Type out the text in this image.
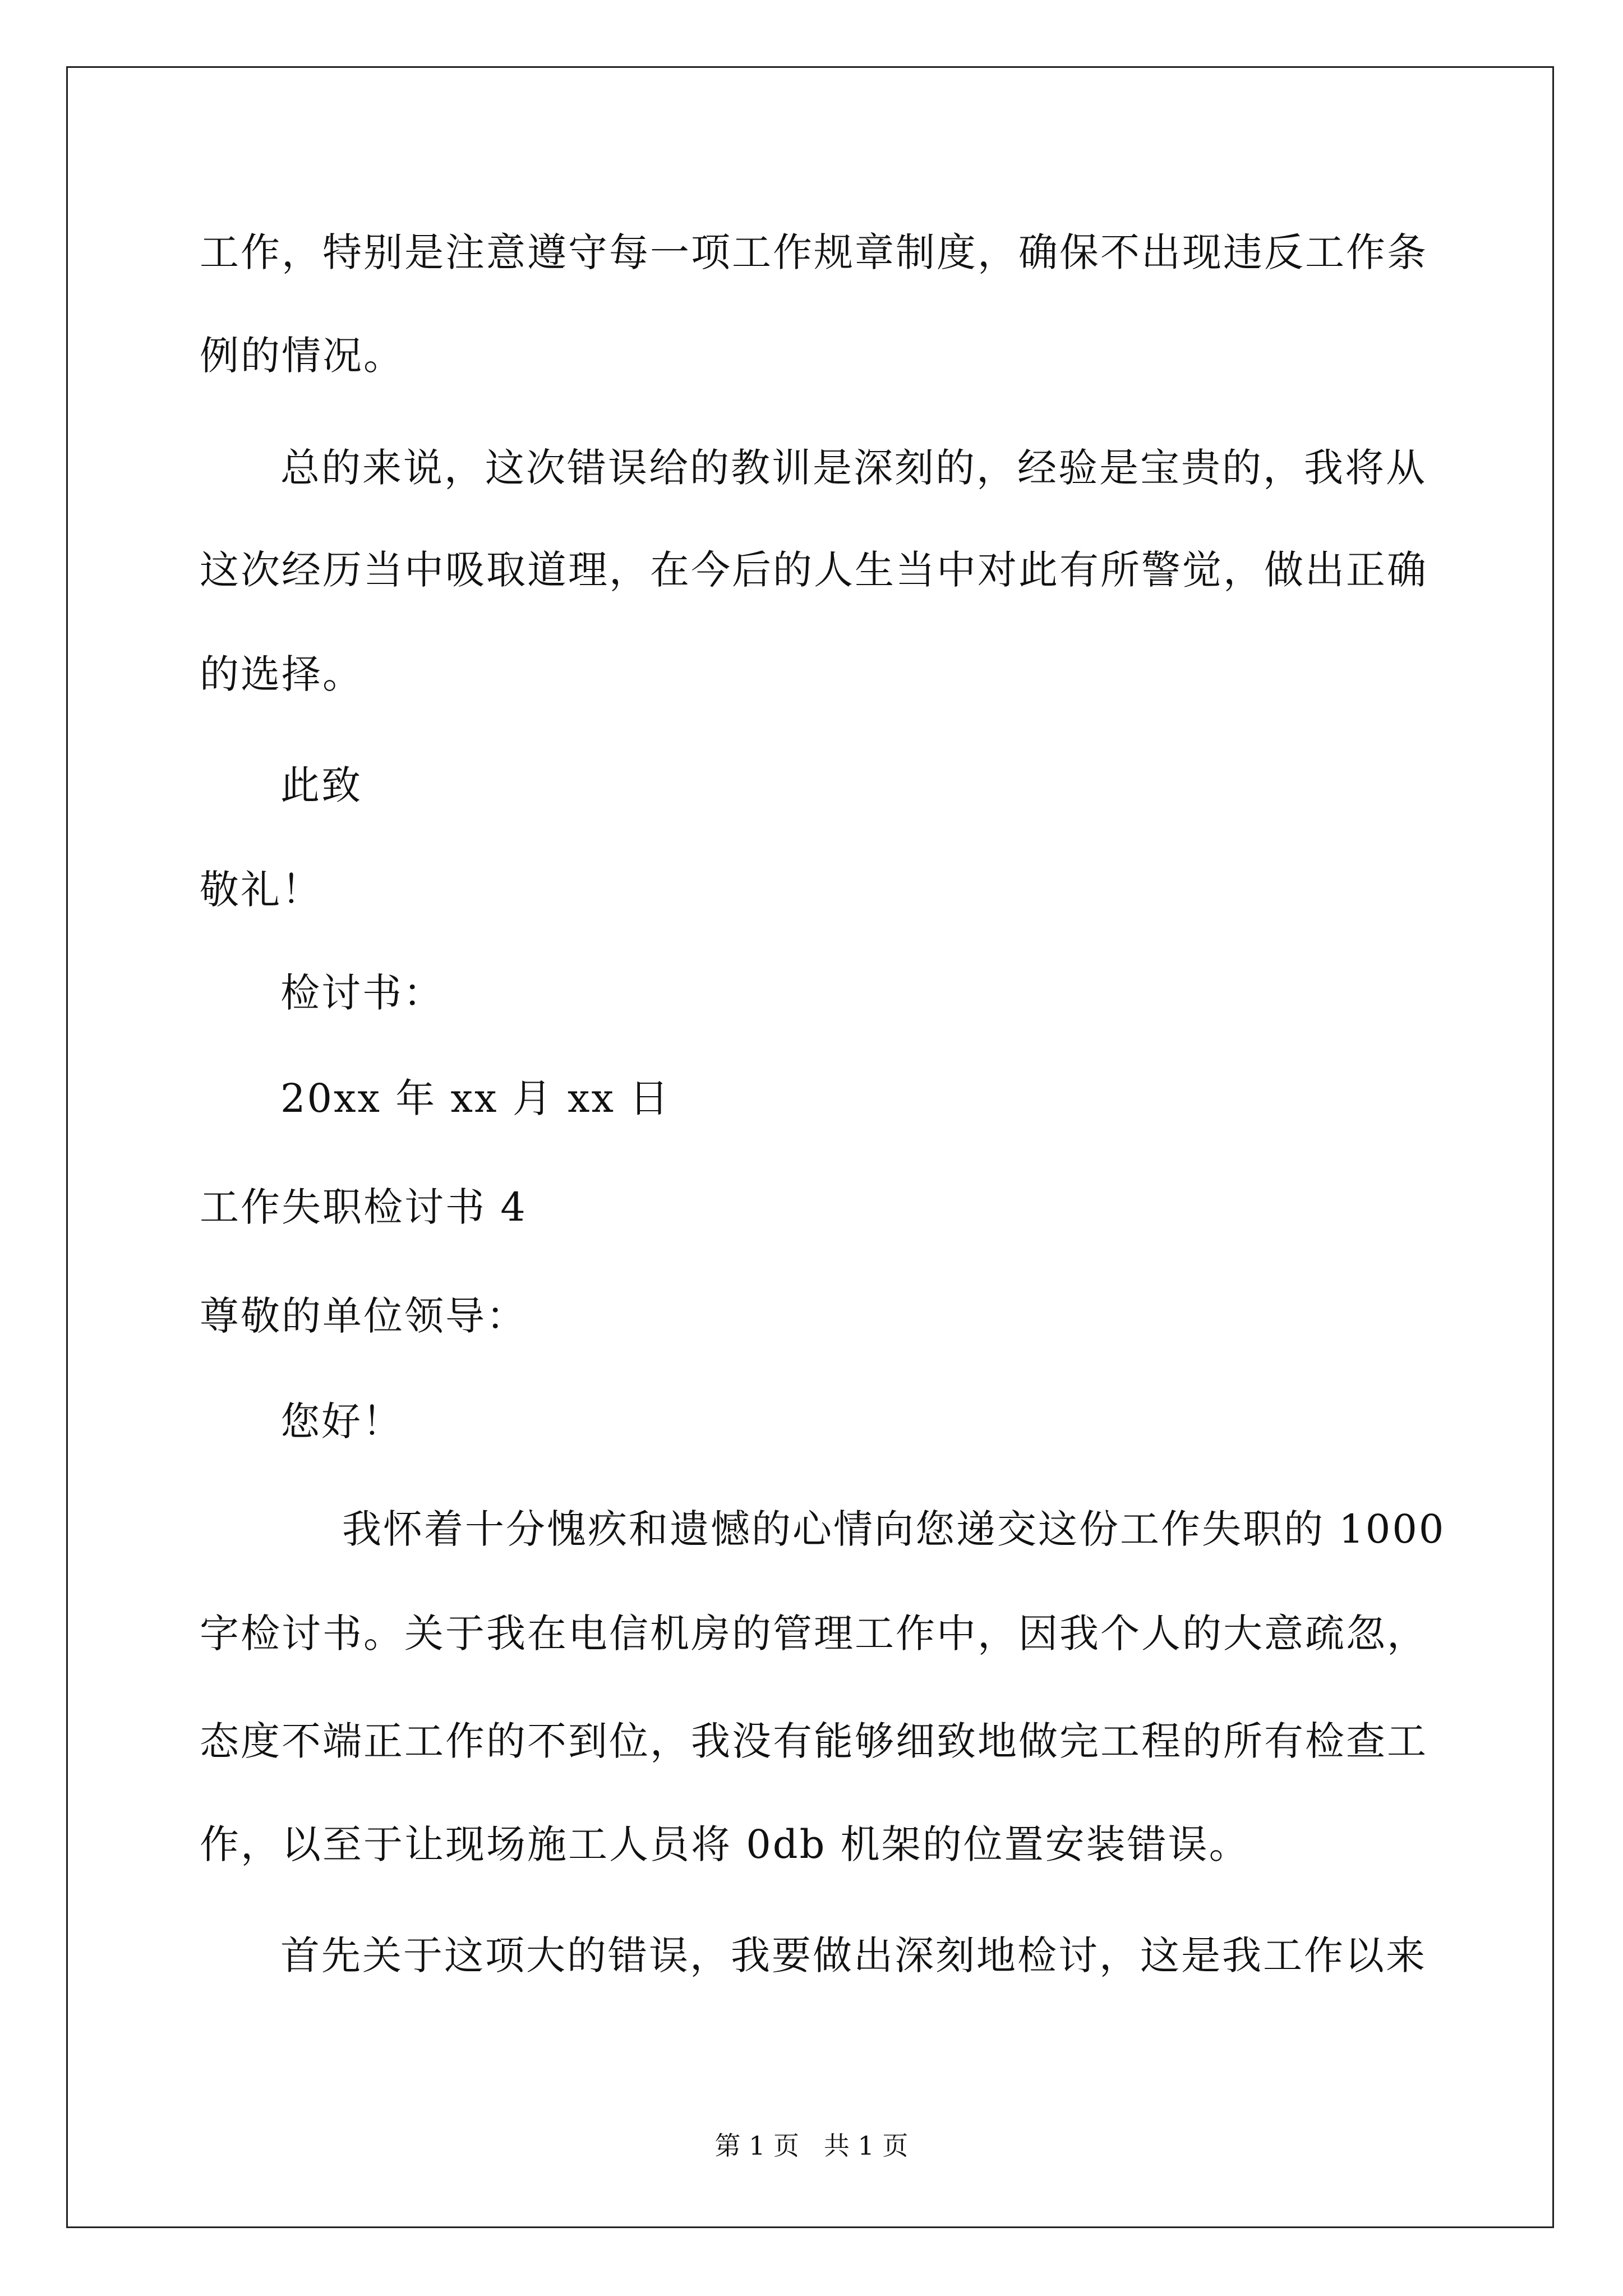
工作，特别是注意遵守每一项工作规章制度，确保不出现违反工作条
例的情况。
总的来说，这次错误给的教训是深刻的，经验是宝贵的，我将从
这次经历当中吸取道理，在今后的人生当中对此有所警觉，做出正确
的选择。
此致
敬礼！
检讨书：
20xx 年 xx 月 xx 日
工作失职检讨书 4
尊敬的单位领导：
您好！
我怀着十分愧疚和遗憾的心情向您递交这份工作失职的 1000
字检讨书。关于我在电信机房的管理工作中，因我个人的大意疏忽，
态度不端正工作的不到位，我没有能够细致地做完工程的所有检查工
作，以至于让现场施工人员将 0db 机架的位置安装错误。
首先关于这项大的错误，我要做出深刻地检讨，这是我工作以来
第 1 页   共 1 页
